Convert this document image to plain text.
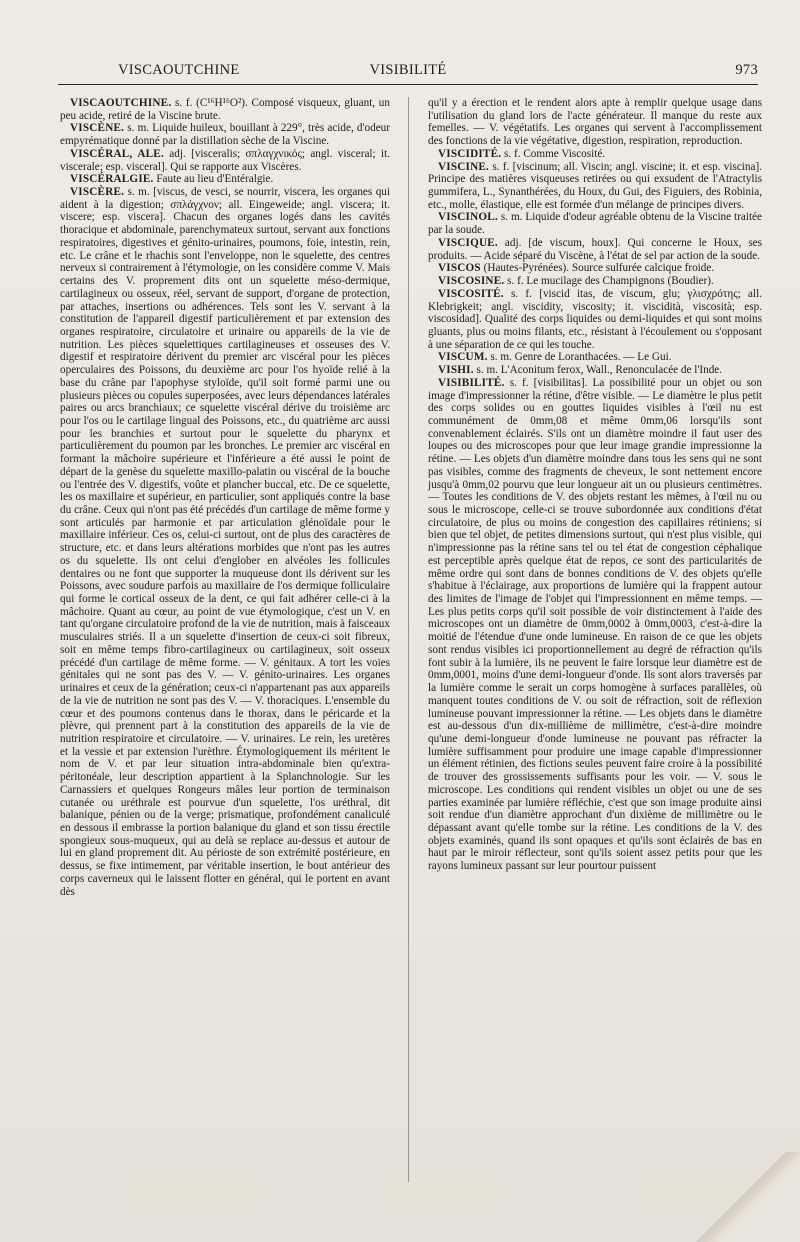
VISCAOUTCHINE	VISIBILITÉ	973

VISCAOUTCHINE. s. f. (C¹⁶H¹⁶O²). Composé visqueux, gluant, un peu acide, retiré de la Viscine brute.

VISCÈNE. s. m. Liquide huileux, bouillant à 229°, très acide, d'odeur empyrématique donné par la distillation sèche de la Viscine.

VISCÉRAL, ALE. adj. [visceralis; σπλαγχνικός; angl. visceral; it. viscerale; esp. visceral]. Qui se rapporte aux Viscères.

VISCÉRALGIE. Faute au lieu d'Entéralgie.

VISCÈRE. s. m. [viscus, de vesci, se nourrir, viscera, les organes qui aident à la digestion; σπλάγχνον; all. Eingeweide; angl. viscera; it. viscere; esp. viscera]. Chacun des organes logés dans les cavités thoracique et abdominale, parenchymateux surtout, servant aux fonctions respiratoires, digestives et génito-urinaires, poumons, foie, intestin, rein, etc. Le crâne et le rhachis sont l'enveloppe, non le squelette, des centres nerveux si contrairement à l'étymologie, on les considère comme V. Mais certains des V. proprement dits ont un squelette méso-dermique, cartilagineux ou osseux, réel, servant de support, d'organe de protection, par attaches, insertions ou adhérences. Tels sont les V. servant à la constitution de l'appareil digestif particulièrement et par extension des organes respiratoire, circulatoire et urinaire ou appareils de la vie de nutrition. Les pièces squelettiques cartilagineuses et osseuses des V. digestif et respiratoire dérivent du premier arc viscéral pour les pièces operculaires des Poissons, du deuxième arc pour l'os hyoïde relié à la base du crâne par l'apophyse styloïde, qu'il soit formé parmi une ou plusieurs pièces ou copules superposées, avec leurs dépendances latérales paires ou arcs branchiaux; ce squelette viscéral dérive du troisième arc pour l'os ou le cartilage lingual des Poissons, etc., du quatrième arc aussi pour les branchies et surtout pour le squelette du pharynx et particulièrement du poumon par les bronches. Le premier arc viscéral en formant la mâchoire supérieure et l'inférieure a été aussi le point de départ de la genèse du squelette maxillo-palatin ou viscéral de la bouche ou l'entrée des V. digestifs, voûte et plancher buccal, etc. De ce squelette, les os maxillaire et supérieur, en particulier, sont appliqués contre la base du crâne. Ceux qui n'ont pas été précédés d'un cartilage de même forme y sont articulés par harmonie et par articulation glénoïdale pour le maxillaire inférieur. Ces os, celui-ci surtout, ont de plus des caractères de structure, etc. et dans leurs altérations morbides que n'ont pas les autres os du squelette. Ils ont celui d'englober en alvéoles les follicules dentaires ou ne font que supporter la muqueuse dont ils dérivent sur les Poissons, avec soudure parfois au maxillaire de l'os dermique folliculaire qui forme le cortical osseux de la dent, ce qui fait adhérer celle-ci à la mâchoire. Quant au cœur, au point de vue étymologique, c'est un V. en tant qu'organe circulatoire profond de la vie de nutrition, mais à faisceaux musculaires striés. Il a un squelette d'insertion de ceux-ci soit fibreux, soit en même temps fibro-cartilagineux ou cartilagineux, soit osseux précédé d'un cartilage de même forme. — V. génitaux. A tort les voies génitales qui ne sont pas des V. — V. génito-urinaires. Les organes urinaires et ceux de la génération; ceux-ci n'appartenant pas aux appareils de la vie de nutrition ne sont pas des V. — V. thoraciques. L'ensemble du cœur et des poumons contenus dans le thorax, dans le péricarde et la plèvre, qui prennent part à la constitution des appareils de la vie de nutrition respiratoire et circulatoire. — V. urinaires. Le rein, les uretères et la vessie et par extension l'urèthre. Étymologiquement ils méritent le nom de V. et par leur situation intra-abdominale bien qu'extra-péritonéale, leur description appartient à la Splanchnologie. Sur les Carnassiers et quelques Rongeurs mâles leur portion de terminaison cutanée ou uréthrale est pourvue d'un squelette, l'os uréthral, dit balanique, pénien ou de la verge; prismatique, profondément canaliculé en dessous il embrasse la portion balanique du gland et son tissu érectile spongieux sous-muqueux, qui au delà se replace au-dessus et autour de lui en gland proprement dit. Au périoste de son extrémité postérieure, en dessus, se fixe intimement, par véritable insertion, le bout antérieur des corps caverneux qui le laissent flotter en général, qui le portent en avant dès

qu'il y a érection et le rendent alors apte à remplir quelque usage dans l'utilisation du gland lors de l'acte générateur. Il manque du reste aux femelles. — V. végétatifs. Les organes qui servent à l'accomplissement des fonctions de la vie végétative, digestion, respiration, reproduction.

VISCIDITÉ. s. f. Comme Viscosité.

VISCINE. s. f. [viscinum; all. Viscin; angl. viscine; it. et esp. viscina]. Principe des matières visqueuses retirées ou qui exsudent de l'Atractylis gummifera, L., Synanthérées, du Houx, du Gui, des Figuiers, des Robinia, etc., molle, élastique, elle est formée d'un mélange de principes divers.

VISCINOL. s. m. Liquide d'odeur agréable obtenu de la Viscine traitée par la soude.

VISCIQUE. adj. [de viscum, houx]. Qui concerne le Houx, ses produits. — Acide séparé du Viscène, à l'état de sel par action de la soude.

VISCOS (Hautes-Pyrénées). Source sulfurée calcique froide.

VISCOSINE. s. f. Le mucilage des Champignons (Boudier).

VISCOSITÉ. s. f. [viscid itas, de viscum, glu; γλισχρότης; all. Klebrigkeit; angl. viscidity, viscosity; it. viscidità, viscosità; esp. viscosidad]. Qualité des corps liquides ou demi-liquides et qui sont moins gluants, plus ou moins filants, etc., résistant à l'écoulement ou s'opposant à une séparation de ce qui les touche.

VISCUM. s. m. Genre de Loranthacées. — Le Gui.

VISHI. s. m. L'Aconitum ferox, Wall., Renonculacée de l'Inde.

VISIBILITÉ. s. f. [visibilitas]. La possibilité pour un objet ou son image d'impressionner la rétine, d'être visible. — Le diamètre le plus petit des corps solides ou en gouttes liquides visibles à l'œil nu est communément de 0mm,08 et même 0mm,06 lorsqu'ils sont convenablement éclairés. S'ils ont un diamètre moindre il faut user des loupes ou des microscopes pour que leur image grandie impressionne la rétine. — Les objets d'un diamètre moindre dans tous les sens qui ne sont pas visibles, comme des fragments de cheveux, le sont nettement encore jusqu'à 0mm,02 pourvu que leur longueur ait un ou plusieurs centimètres. — Toutes les conditions de V. des objets restant les mêmes, à l'œil nu ou sous le microscope, celle-ci se trouve subordonnée aux conditions d'état circulatoire, de plus ou moins de congestion des capillaires rétiniens; si bien que tel objet, de petites dimensions surtout, qui n'est plus visible, qui n'impressionne pas la rétine sans tel ou tel état de congestion céphalique est perceptible après quelque état de repos, ce sont des particularités de même ordre qui sont dans de bonnes conditions de V. des objets qu'elle s'habitue à l'éclairage, aux proportions de lumière qui la frappent autour des limites de l'image de l'objet qui l'impressionnent en même temps. — Les plus petits corps qu'il soit possible de voir distinctement à l'aide des microscopes ont un diamètre de 0mm,0002 à 0mm,0003, c'est-à-dire la moitié de l'étendue d'une onde lumineuse. En raison de ce que les objets sont rendus visibles ici proportionnellement au degré de réfraction qu'ils font subir à la lumière, ils ne peuvent le faire lorsque leur diamètre est de 0mm,0001, moins d'une demi-longueur d'onde. Ils sont alors traversés par la lumière comme le serait un corps homogène à surfaces parallèles, où manquent toutes conditions de V. ou soit de réfraction, soit de réflexion lumineuse pouvant impressionner la rétine. — Les objets dans le diamètre est au-dessous d'un dix-millième de millimètre, c'est-à-dire moindre qu'une demi-longueur d'onde lumineuse ne pouvant pas réfracter la lumière suffisamment pour produire une image capable d'impressionner un élément rétinien, des fictions seules peuvent faire croire à la possibilité de trouver des grossissements suffisants pour les voir. — V. sous le microscope. Les conditions qui rendent visibles un objet ou une de ses parties examinée par lumière réfléchie, c'est que son image produite ainsi soit rendue d'un diamètre approchant d'un dixième de millimètre ou le dépassant avant qu'elle tombe sur la rétine. Les conditions de la V. des objets examinés, quand ils sont opaques et qu'ils sont éclairés de bas en haut par le miroir réflecteur, sont qu'ils soient assez petits pour que les rayons lumineux passant sur leur pourtour puissent
